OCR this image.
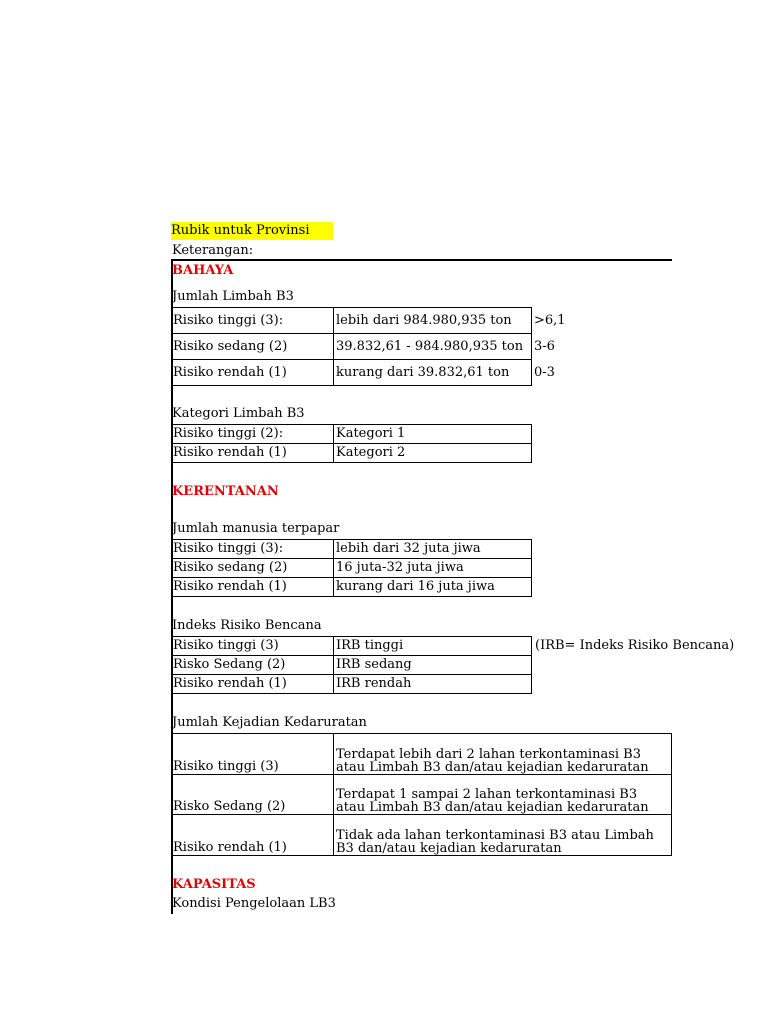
Rubik untuk Provinsi
Keterangan:
BAHAYA
Jumlah Limbah B3
Risiko tinggi (3):	lebih dari 984.980,935 ton	>6,1
Risiko sedang (2)	39.832,61 - 984.980,935 ton	3-6
Risiko rendah (1)	kurang dari 39.832,61 ton	0-3
Kategori Limbah B3
Risiko tinggi (2):	Kategori 1
Risiko rendah (1)	Kategori 2
KERENTANAN
Jumlah manusia terpapar
Risiko tinggi (3):	lebih dari 32 juta jiwa
Risiko sedang (2)	16 juta-32 juta jiwa
Risiko rendah (1)	kurang dari 16 juta jiwa
Indeks Risiko Bencana
Risiko tinggi (3)	IRB tinggi
Risko Sedang (2)	IRB sedang
Risiko rendah (1)	IRB rendah
(IRB= Indeks Risiko Bencana)
Jumlah Kejadian Kedaruratan
Risiko tinggi (3)	Terdapat lebih dari 2 lahan terkontaminasi B3 atau Limbah B3 dan/atau kejadian kedaruratan
Risko Sedang (2)	Terdapat 1 sampai 2 lahan terkontaminasi B3 atau Limbah B3 dan/atau kejadian kedaruratan
Risiko rendah (1)	Tidak ada lahan terkontaminasi B3 atau Limbah B3 dan/atau kejadian kedaruratan
KAPASITAS
Kondisi Pengelolaan LB3
